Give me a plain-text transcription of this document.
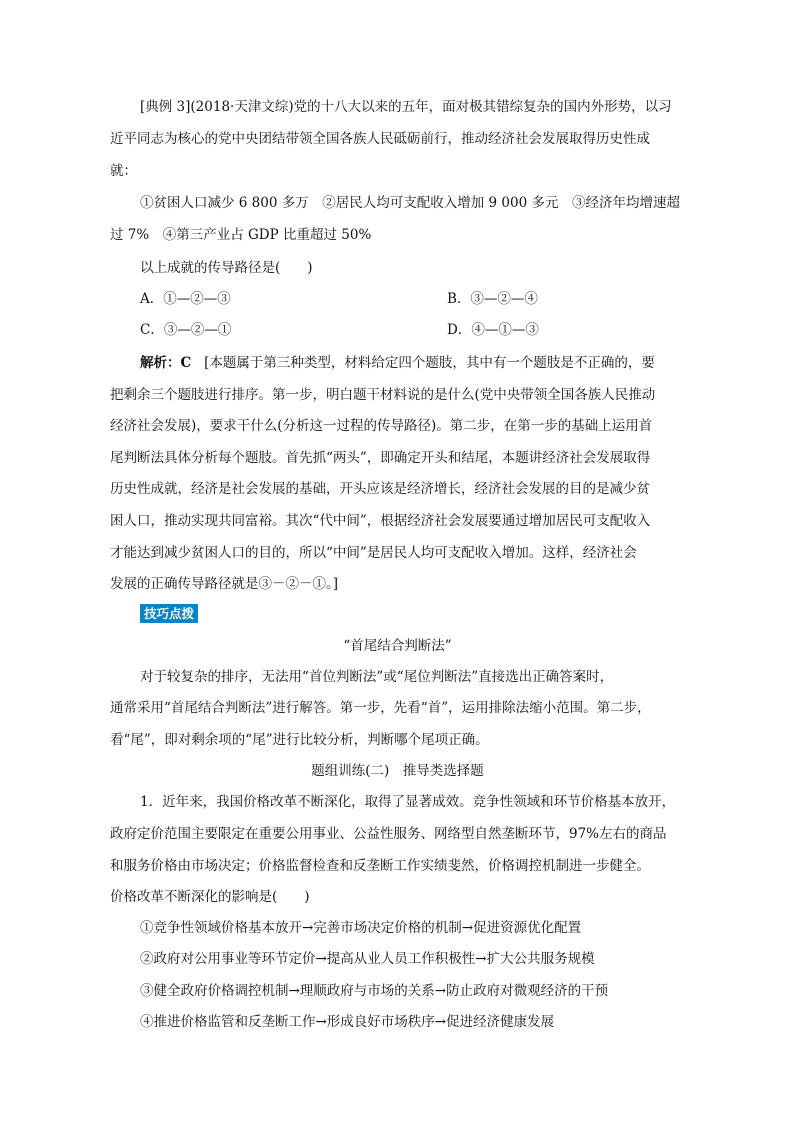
[典例 3](2018·天津文综)党的十八大以来的五年，面对极其错综复杂的国内外形势，以习
近平同志为核心的党中央团结带领全国各族人民砥砺前行，推动经济社会发展取得历史性成
就：
①贫困人口减少 6 800 多万　②居民人均可支配收入增加 9 000 多元　③经济年均增速超
过 7%　④第三产业占 GDP 比重超过 50%
以上成就的传导路径是(　　)
A．①—②—③	B．③—②—④
C．③—②—①	D．④—①—③
解析：C [本题属于第三种类型，材料给定四个题肢，其中有一个题肢是不正确的，要
把剩余三个题肢进行排序。第一步，明白题干材料说的是什么(党中央带领全国各族人民推动
经济社会发展)，要求干什么(分析这一过程的传导路径)。第二步，在第一步的基础上运用首
尾判断法具体分析每个题肢。首先抓“两头”，即确定开头和结尾，本题讲经济社会发展取得
历史性成就，经济是社会发展的基础，开头应该是经济增长，经济社会发展的目的是减少贫
困人口，推动实现共同富裕。其次“代中间”，根据经济社会发展要通过增加居民可支配收入
才能达到减少贫困人口的目的，所以“中间”是居民人均可支配收入增加。这样，经济社会
发展的正确传导路径就是③－②－①。]
技巧点拨
“首尾结合判断法”
对于较复杂的排序，无法用“首位判断法”或“尾位判断法”直接选出正确答案时，
通常采用“首尾结合判断法”进行解答。第一步，先看“首”，运用排除法缩小范围。第二步，
看“尾”，即对剩余项的“尾”进行比较分析，判断哪个尾项正确。
题组训练(二)　推导类选择题
1．近年来，我国价格改革不断深化，取得了显著成效。竞争性领域和环节价格基本放开，
政府定价范围主要限定在重要公用事业、公益性服务、网络型自然垄断环节，97%左右的商品
和服务价格由市场决定；价格监督检查和反垄断工作实绩斐然，价格调控机制进一步健全。
价格改革不断深化的影响是(　　)
①竞争性领域价格基本放开→完善市场决定价格的机制→促进资源优化配置
②政府对公用事业等环节定价→提高从业人员工作积极性→扩大公共服务规模
③健全政府价格调控机制→理顺政府与市场的关系→防止政府对微观经济的干预
④推进价格监管和反垄断工作→形成良好市场秩序→促进经济健康发展
